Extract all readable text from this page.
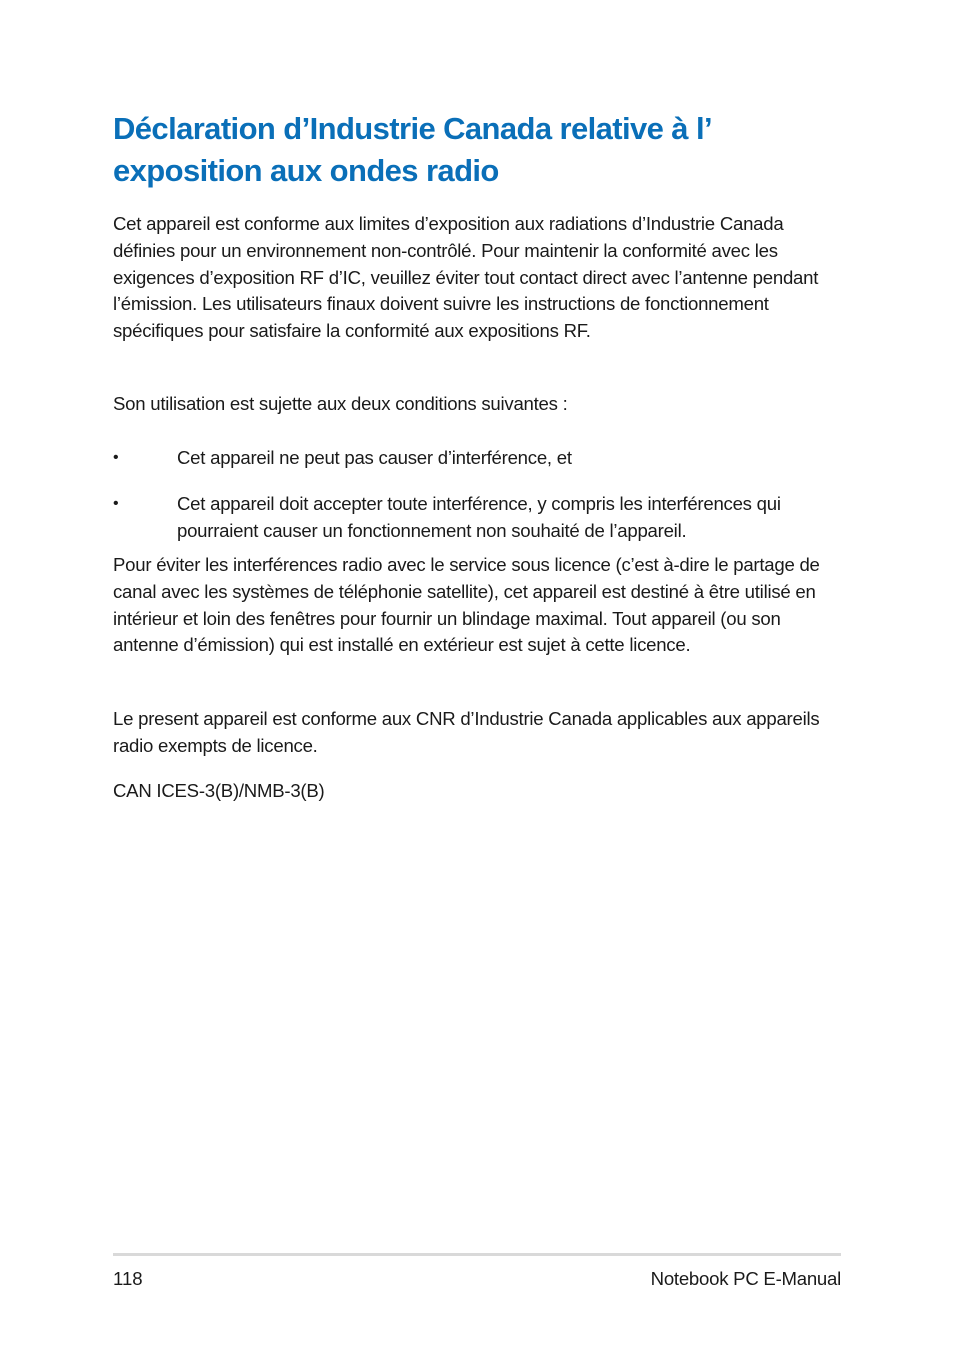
Déclaration d’Industrie Canada relative à l’
exposition aux ondes radio

Cet appareil est conforme aux limites d’exposition aux radiations d’Industrie Canada définies pour un environnement non-contrôlé. Pour maintenir la conformité avec les exigences d’exposition RF d’IC, veuillez éviter tout contact direct avec l’antenne pendant l’émission. Les utilisateurs finaux doivent suivre les instructions de fonctionnement spécifiques pour satisfaire la conformité aux expositions RF.

Son utilisation est sujette aux deux conditions suivantes :

•	Cet appareil ne peut pas causer d’interférence, et
•	Cet appareil doit accepter toute interférence, y compris les interférences qui pourraient causer un fonctionnement non souhaité de l’appareil.

Pour éviter les interférences radio avec le service sous licence (c’est à-dire le partage de canal avec les systèmes de téléphonie satellite), cet appareil est destiné à être utilisé en intérieur et loin des fenêtres pour fournir un blindage maximal. Tout appareil (ou son antenne d’émission) qui est installé en extérieur est sujet à cette licence.

Le present appareil est conforme aux CNR d’Industrie Canada applicables aux appareils radio exempts de licence.

CAN ICES-3(B)/NMB-3(B)

118	Notebook PC E-Manual
